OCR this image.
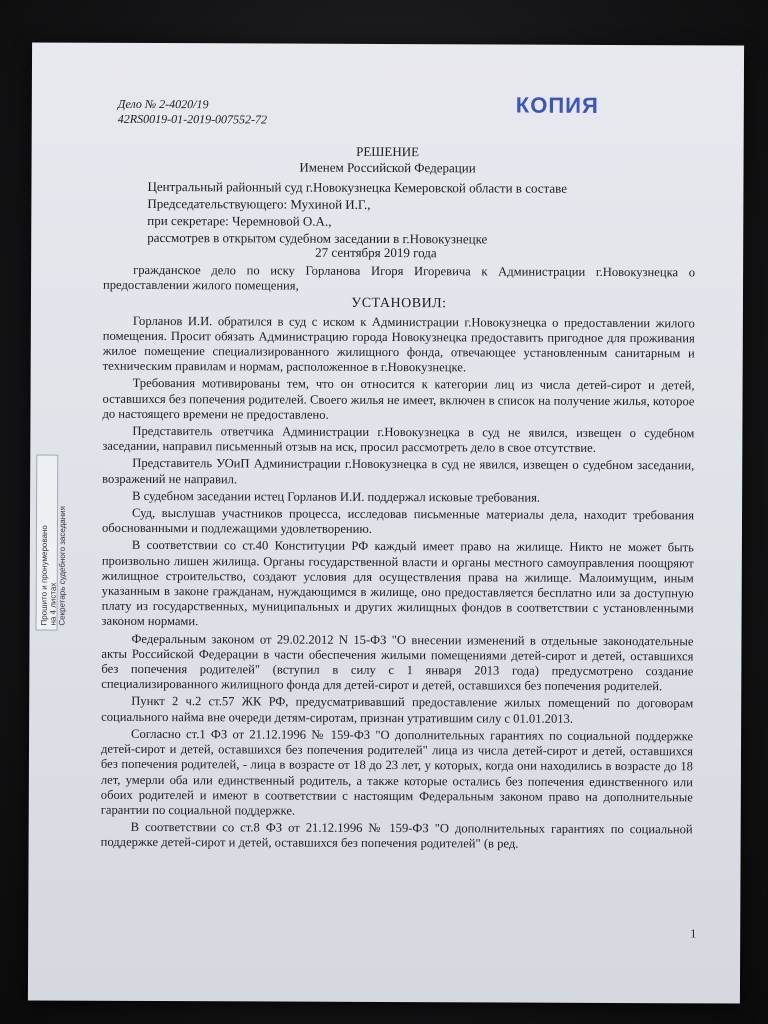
Дело № 2-4020/19
42RS0019-01-2019-007552-72
КОПИЯ
РЕШЕНИЕ
Именем Российской Федерации
Центральный районный суд г.Новокузнецка Кемеровской области в составе
Председательствующего: Мухиной И.Г.,
при секретаре: Черемновой О.А.,
рассмотрев в открытом судебном заседании в г.Новокузнецке
27 сентября 2019 года

гражданское дело по иску Горланова Игоря Игоревича к Администрации г.Новокузнецка о предоставлении жилого помещения,

УСТАНОВИЛ:

Горланов И.И. обратился в суд с иском к Администрации г.Новокузнецка о предоставлении жилого помещения. Просит обязать Администрацию города Новокузнецка предоставить пригодное для проживания жилое помещение специализированного жилищного фонда, отвечающее установленным санитарным и техническим правилам и нормам, расположенное в г.Новокузнецке.

Требования мотивированы тем, что он относится к категории лиц из числа детей-сирот и детей, оставшихся без попечения родителей. Своего жилья не имеет, включен в список на получение жилья, которое до настоящего времени не предоставлено.

Представитель ответчика Администрации г.Новокузнецка в суд не явился, извещен о судебном заседании, направил письменный отзыв на иск, просил рассмотреть дело в свое отсутствие.

Представитель УОиП Администрации г.Новокузнецка в суд не явился, извещен о судебном заседании, возражений не направил.

В судебном заседании истец Горланов И.И. поддержал исковые требования.

Суд, выслушав участников процесса, исследовав письменные материалы дела, находит требования обоснованными и подлежащими удовлетворению.

В соответствии со ст.40 Конституции РФ каждый имеет право на жилище. Никто не может быть произвольно лишен жилища. Органы государственной власти и органы местного самоуправления поощряют жилищное строительство, создают условия для осуществления права на жилище. Малоимущим, иным указанным в законе гражданам, нуждающимся в жилище, оно предоставляется бесплатно или за доступную плату из государственных, муниципальных и других жилищных фондов в соответствии с установленными законом нормами.

Федеральным законом от 29.02.2012 N 15-ФЗ "О внесении изменений в отдельные законодательные акты Российской Федерации в части обеспечения жилыми помещениями детей-сирот и детей, оставшихся без попечения родителей" (вступил в силу с 1 января 2013 года) предусмотрено создание специализированного жилищного фонда для детей-сирот и детей, оставшихся без попечения родителей.

Пункт 2 ч.2 ст.57 ЖК РФ, предусматривавший предоставление жилых помещений по договорам социального найма вне очереди детям-сиротам, признан утратившим силу с 01.01.2013.

Согласно ст.1 ФЗ от 21.12.1996 № 159-ФЗ "О дополнительных гарантиях по социальной поддержке детей-сирот и детей, оставшихся без попечения родителей" лица из числа детей-сирот и детей, оставшихся без попечения родителей, - лица в возрасте от 18 до 23 лет, у которых, когда они находились в возрасте до 18 лет, умерли оба или единственный родитель, а также которые остались без попечения единственного или обоих родителей и имеют в соответствии с настоящим Федеральным законом право на дополнительные гарантии по социальной поддержке.

В соответствии со ст.8 ФЗ от 21.12.1996 № 159-ФЗ "О дополнительных гарантиях по социальной поддержке детей-сирот и детей, оставшихся без попечения родителей" (в ред.

Прошито и пронумеровано на 4 листах Секретарь судебного заседания
1
